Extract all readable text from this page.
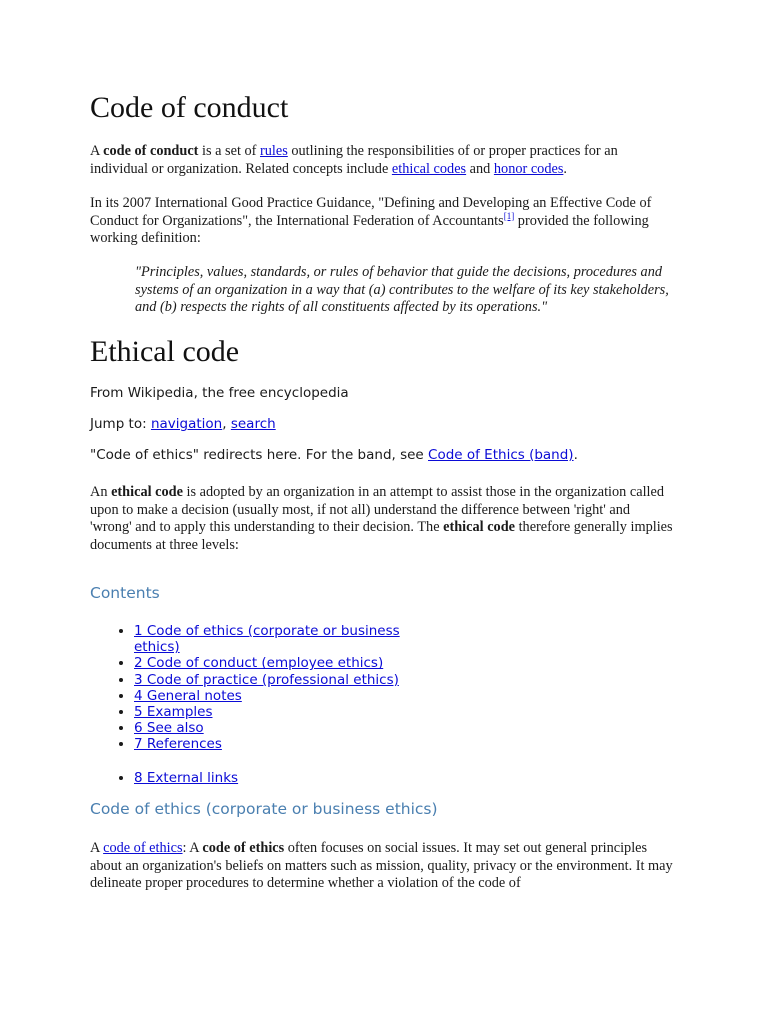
Code of conduct

A code of conduct is a set of rules outlining the responsibilities of or proper practices for an individual or organization. Related concepts include ethical codes and honor codes.

In its 2007 International Good Practice Guidance, "Defining and Developing an Effective Code of Conduct for Organizations", the International Federation of Accountants[1] provided the following working definition:

"Principles, values, standards, or rules of behavior that guide the decisions, procedures and systems of an organization in a way that (a) contributes to the welfare of its key stakeholders, and (b) respects the rights of all constituents affected by its operations."

Ethical code

From Wikipedia, the free encyclopedia

Jump to: navigation, search

"Code of ethics" redirects here. For the band, see Code of Ethics (band).

An ethical code is adopted by an organization in an attempt to assist those in the organization called upon to make a decision (usually most, if not all) understand the difference between 'right' and 'wrong' and to apply this understanding to their decision. The ethical code therefore generally implies documents at three levels:

Contents
• 1 Code of ethics (corporate or business ethics)
• 2 Code of conduct (employee ethics)
• 3 Code of practice (professional ethics)
• 4 General notes
• 5 Examples
• 6 See also
• 7 References
• 8 External links
Code of ethics (corporate or business ethics)

A code of ethics: A code of ethics often focuses on social issues. It may set out general principles about an organization's beliefs on matters such as mission, quality, privacy or the environment. It may delineate proper procedures to determine whether a violation of the code of
